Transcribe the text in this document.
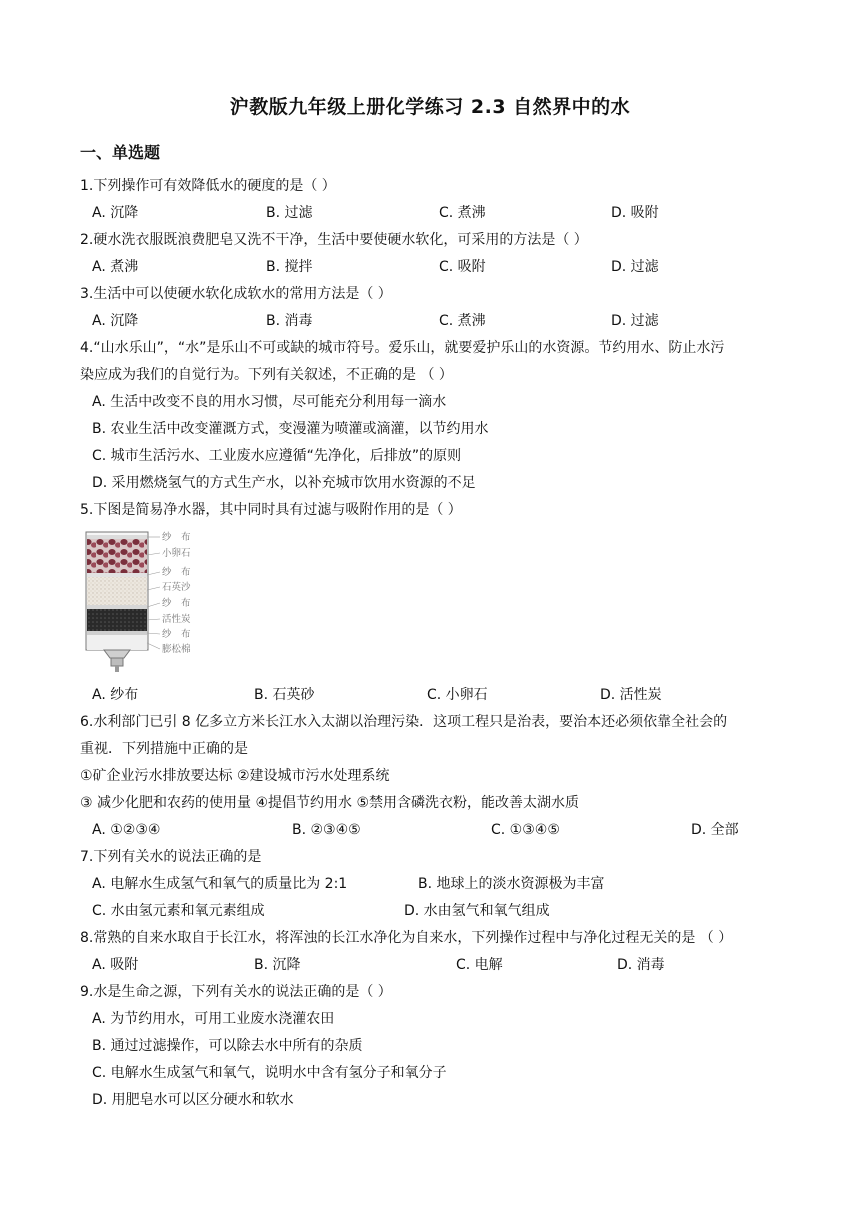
沪教版九年级上册化学练习 2.3 自然界中的水
一、单选题
1.下列操作可有效降低水的硬度的是（ ）
A. 沉降	B. 过滤	C. 煮沸	D. 吸附
2.硬水洗衣服既浪费肥皂又洗不干净，生活中要使硬水软化，可采用的方法是（ ）
A. 煮沸	B. 搅拌	C. 吸附	D. 过滤
3.生活中可以使硬水软化成软水的常用方法是（ ）
A. 沉降	B. 消毒	C. 煮沸	D. 过滤
4.“山水乐山”，“水”是乐山不可或缺的城市符号。爱乐山，就要爱护乐山的水资源。节约用水、防止水污
染应成为我们的自觉行为。下列有关叙述，不正确的是 （ ）
A. 生活中改变不良的用水习惯，尽可能充分利用每一滴水
B. 农业生活中改变灌溉方式，变漫灌为喷灌或滴灌，以节约用水
C. 城市生活污水、工业废水应遵循“先净化，后排放”的原则
D. 采用燃烧氢气的方式生产水，以补充城市饮用水资源的不足
5.下图是简易净水器，其中同时具有过滤与吸附作用的是（ ）
纱　布
小卵石
纱　布
石英沙
纱　布
活性炭
纱　布
膨松棉
A. 纱布	B. 石英砂	C. 小卵石	D. 活性炭
6.水利部门已引 8 亿多立方米长江水入太湖以治理污染．这项工程只是治表，要治本还必须依靠全社会的
重视．下列措施中正确的是
①矿企业污水排放要达标 ②建设城市污水处理系统
③ 减少化肥和农药的使用量 ④提倡节约用水 ⑤禁用含磷洗衣粉，能改善太湖水质
A. ①②③④	B. ②③④⑤	C. ①③④⑤	D. 全部
7.下列有关水的说法正确的是
A. 电解水生成氢气和氧气的质量比为 2:1	B. 地球上的淡水资源极为丰富
C. 水由氢元素和氧元素组成	D. 水由氢气和氧气组成
8.常熟的自来水取自于长江水，将浑浊的长江水净化为自来水，下列操作过程中与净化过程无关的是 （ ）
A. 吸附	B. 沉降	C. 电解	D. 消毒
9.水是生命之源，下列有关水的说法正确的是（ ）
A. 为节约用水，可用工业废水浇灌农田
B. 通过过滤操作，可以除去水中所有的杂质
C. 电解水生成氢气和氧气，说明水中含有氢分子和氧分子
D. 用肥皂水可以区分硬水和软水
